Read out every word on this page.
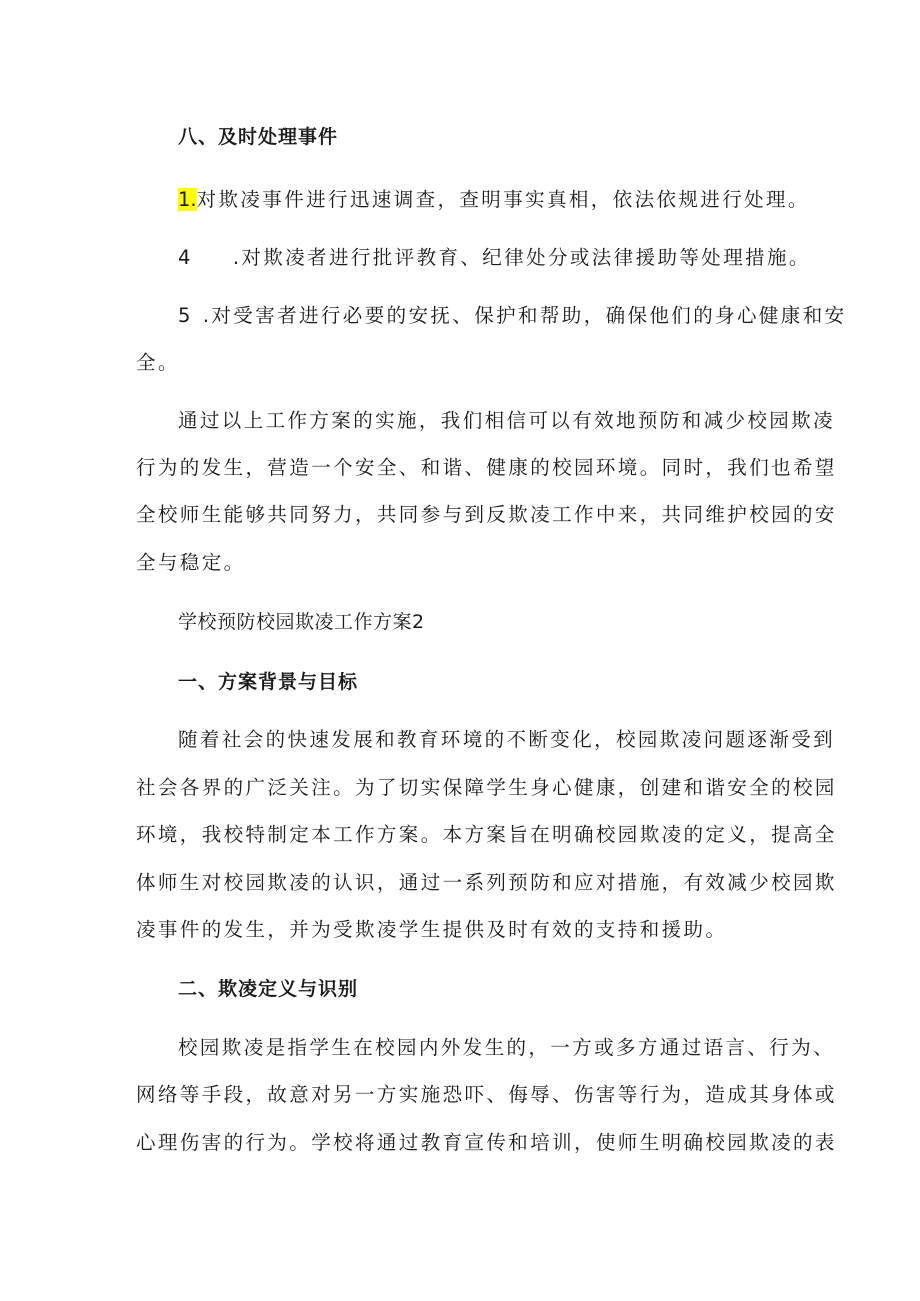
八、及时处理事件

1.对欺凌事件进行迅速调查，查明事实真相，依法依规进行处理。

4 .对欺凌者进行批评教育、纪律处分或法律援助等处理措施。

5 .对受害者进行必要的安抚、保护和帮助，确保他们的身心健康和安

全。

通过以上工作方案的实施，我们相信可以有效地预防和减少校园欺凌

行为的发生，营造一个安全、和谐、健康的校园环境。同时，我们也希望

全校师生能够共同努力，共同参与到反欺凌工作中来，共同维护校园的安

全与稳定。

学校预防校园欺凌工作方案2

一、方案背景与目标

随着社会的快速发展和教育环境的不断变化，校园欺凌问题逐渐受到

社会各界的广泛关注。为了切实保障学生身心健康，创建和谐安全的校园

环境，我校特制定本工作方案。本方案旨在明确校园欺凌的定义，提高全

体师生对校园欺凌的认识，通过一系列预防和应对措施，有效减少校园欺

凌事件的发生，并为受欺凌学生提供及时有效的支持和援助。

二、欺凌定义与识别

校园欺凌是指学生在校园内外发生的，一方或多方通过语言、行为、

网络等手段，故意对另一方实施恐吓、侮辱、伤害等行为，造成其身体或

心理伤害的行为。学校将通过教育宣传和培训，使师生明确校园欺凌的表
